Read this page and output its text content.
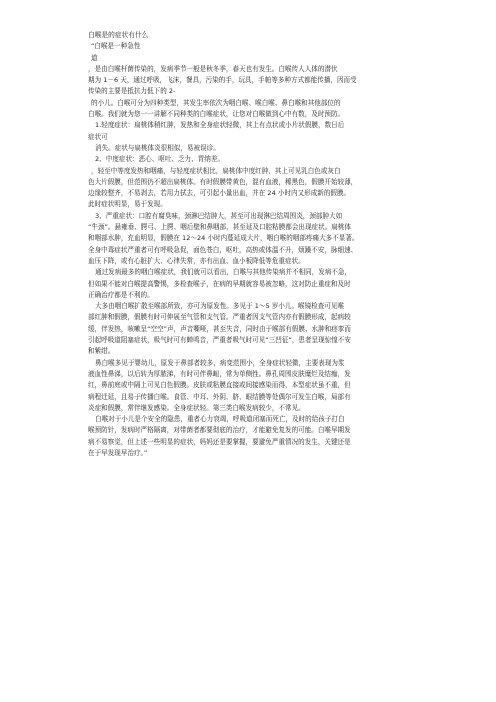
白喉是的症状有什么
“白喉是一种急性
道
，是由白喉杆菌传染的，发病季节一般是秋冬季，春天也有发生。白喉传人人体的潜伏
期为 1－6 天，通过呼吸，飞沫，餐具，污染的手，玩具，手帕等多种方式都能传播，因而受
传染的主要是抵抗力低下的 2-
的小儿。白喉可分为四种类型，其发生率依次为咽白喉、喉白喉、鼻白喉和其他部位的
白喉。我们就为您一一讲解不同种类的白喉症状，让您对白喉做到心中有数，及时预防。
1.轻度症状：扁桃体稍红肿，发热和全身症状轻微，其上有点状或小片状假膜，数日后
症状可
消失。症状与扁桃体炎很相似，易被误诊。
2、中度症状：恶心、呕吐、乏力、胃纳差。
，轻至中等度发热和咽痛，与轻度症状相比，扁桃体中度红肿，其上可见乳白色或灰白
色大片假膜，但范围仍不超出扁桃体。有时假膜带黄色，混有血液，稀黑色，假膜开始较薄，
边缘较整齐，不易剥去，若用力拭去，可引起小量出血，并在 24 小时内又形成新的假膜。
此时症状明显，易于发现。
3、严重症状：口腔有腐臭味，颈淋巴结肿大，甚至可出现淋巴结周围炎，颈部肿大如
“牛颈”。悬雍垂、腭弓、上腭、咽后壁和鼻咽部，甚至延及口腔粘膜都会出现症状。扁桃体
和咽部水肿，充血明显，假膜在 12～24 小时内蔓延成大片，咽白喉的咽部疼痛大多不显著。
全身中毒症状严重者可有呼吸急促，面色苍白，呕吐，高热或体温不升，烦躁不安，脉细速、
血压下降，或有心脏扩大、心律失常，亦有出血、血小板降低等危重症状。
通过发病最多的咽白喉症状，我们就可以看出，白喉与其他传染病并不相同，发病不急，
但如果不能对白喉提高警惕，多检查喉子，在病的早期就容易被忽略，这对防止重症和及时
正确治疗都是不利的。
大多由咽白喉扩散至喉部所致，亦可为原发性。多见于 1～5 岁小儿。喉镜检查可见喉
部红肿和假膜，假膜有时可伸展至气管和支气管。严重者因支气管内亦有假膜形成，起病较
缓，伴发热，咳嗽呈“空空”声，声音嘶哑，甚至失音，同时由于喉部有假膜、水肿和痉挛而
引起呼吸道阻塞症状，吸气时可有蝉鸣音，严重者吸气时可见“三凹征”，患者呈现惊惶不安
和紫绀。
鼻白喉多见于婴幼儿，原发于鼻部者较多，病变范围小，全身症状轻微，主要表现为浆
液血性鼻涕，以后转为厚脓涕，有时可伴鼻衄，常为单侧性。鼻孔周围皮肤糜烂及结痂，发
红，鼻前庭或中隔上可见白色假膜。皮肤或粘膜直接或间接感染而得，本型症状虽不重，但
病程迁延，且易于传播白喉。食管、中耳、外阴、脐、眼结膜等处偶尔可发生白喉，局部有
炎症和假膜，常伴继发感染。全身症状轻。第三类白喉发病较少，不常见。
白喉对于小儿是个安全的隐患，重者心力衰竭，呼吸道闭塞而死亡，及时的给孩子打白
喉预防针，发病时严格隔离，对带菌者都要彻底的治疗，才能避免复发的可能。白喉早期发
病不易察觉，但上述一些明显的症状，妈妈还是要掌握，要避免严重情况的发生，关键还是
在于早发现早治疗。”
